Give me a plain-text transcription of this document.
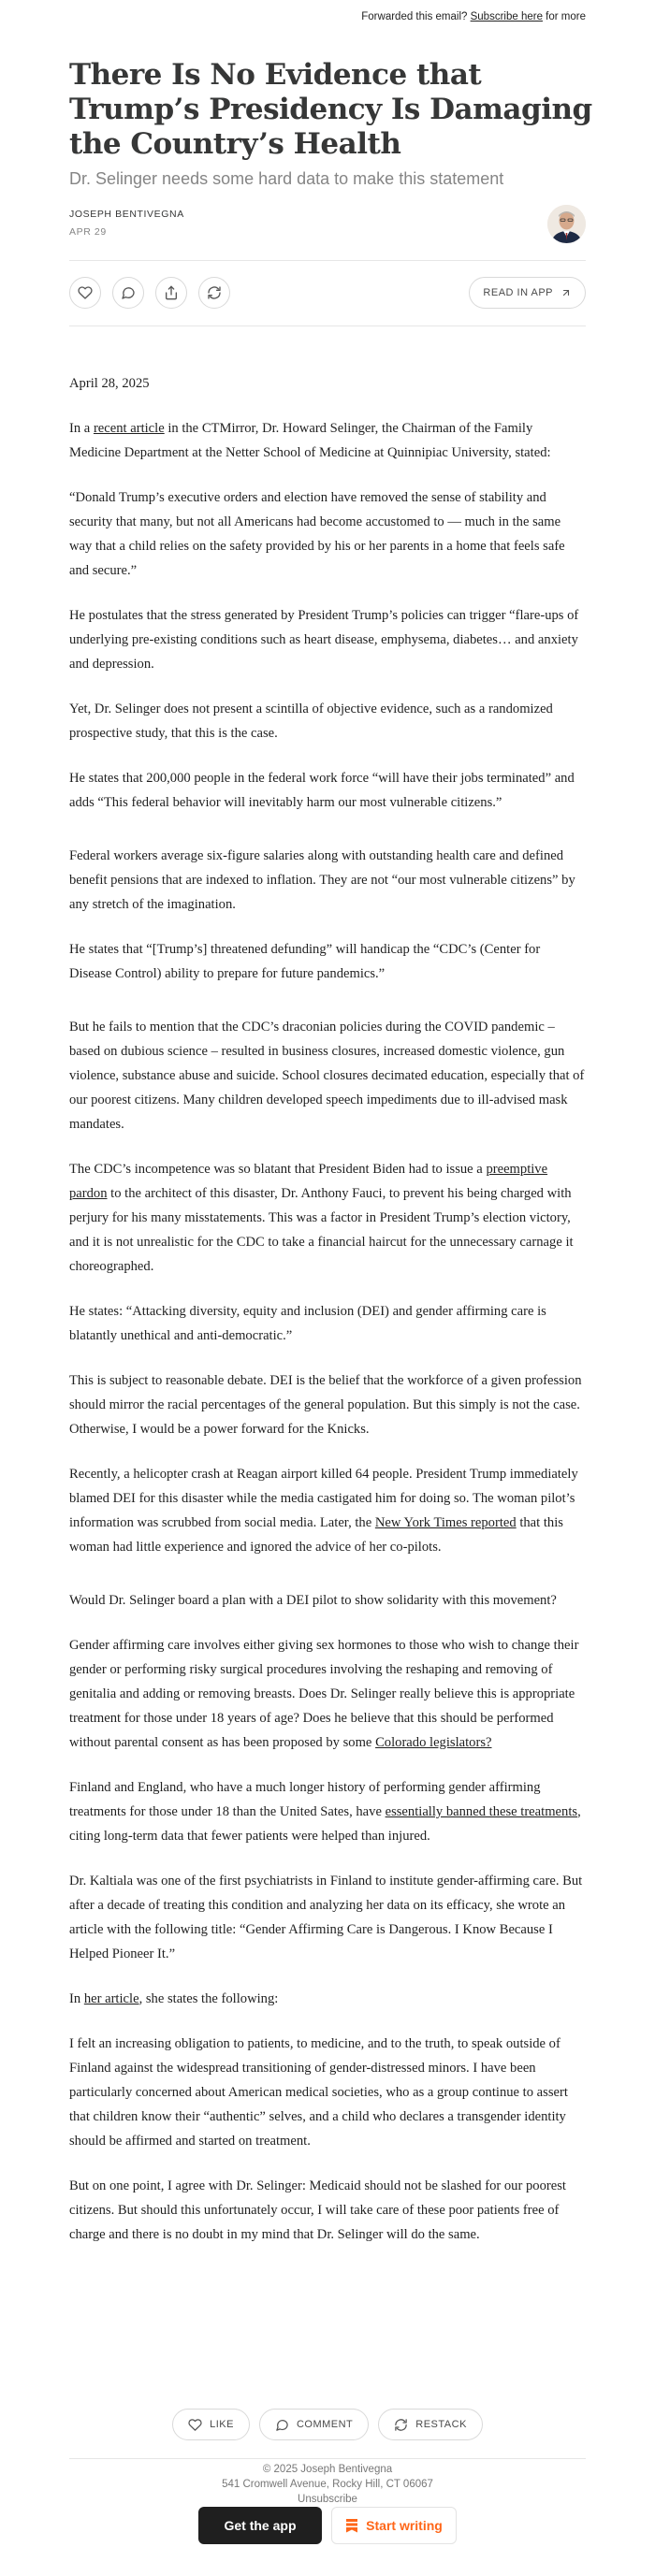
Forwarded this email? Subscribe here for more
There Is No Evidence that Trump’s Presidency Is Damaging the Country’s Health
Dr. Selinger needs some hard data to make this statement
JOSEPH BENTIVEGNA
APR 29
READ IN APP

April 28, 2025

In a recent article in the CTMirror, Dr. Howard Selinger, the Chairman of the Family Medicine Department at the Netter School of Medicine at Quinnipiac University, stated:

“Donald Trump’s executive orders and election have removed the sense of stability and security that many, but not all Americans had become accustomed to — much in the same way that a child relies on the safety provided by his or her parents in a home that feels safe and secure.”

He postulates that the stress generated by President Trump’s policies can trigger “flare-ups of underlying pre-existing conditions such as heart disease, emphysema, diabetes… and anxiety and depression.

Yet, Dr. Selinger does not present a scintilla of objective evidence, such as a randomized prospective study, that this is the case.

He states that 200,000 people in the federal work force “will have their jobs terminated” and adds “This federal behavior will inevitably harm our most vulnerable citizens.”

Federal workers average six-figure salaries along with outstanding health care and defined benefit pensions that are indexed to inflation. They are not “our most vulnerable citizens” by any stretch of the imagination.

He states that “[Trump’s] threatened defunding” will handicap the “CDC’s (Center for Disease Control) ability to prepare for future pandemics.”

But he fails to mention that the CDC’s draconian policies during the COVID pandemic – based on dubious science – resulted in business closures, increased domestic violence, gun violence, substance abuse and suicide. School closures decimated education, especially that of our poorest citizens. Many children developed speech impediments due to ill-advised mask mandates.

The CDC’s incompetence was so blatant that President Biden had to issue a preemptive pardon to the architect of this disaster, Dr. Anthony Fauci, to prevent his being charged with perjury for his many misstatements. This was a factor in President Trump’s election victory, and it is not unrealistic for the CDC to take a financial haircut for the unnecessary carnage it choreographed.

He states: “Attacking diversity, equity and inclusion (DEI) and gender affirming care is blatantly unethical and anti-democratic.”

This is subject to reasonable debate. DEI is the belief that the workforce of a given profession should mirror the racial percentages of the general population. But this simply is not the case. Otherwise, I would be a power forward for the Knicks.

Recently, a helicopter crash at Reagan airport killed 64 people. President Trump immediately blamed DEI for this disaster while the media castigated him for doing so. The woman pilot’s information was scrubbed from social media. Later, the New York Times reported that this woman had little experience and ignored the advice of her co-pilots.

Would Dr. Selinger board a plan with a DEI pilot to show solidarity with this movement?

Gender affirming care involves either giving sex hormones to those who wish to change their gender or performing risky surgical procedures involving the reshaping and removing of genitalia and adding or removing breasts. Does Dr. Selinger really believe this is appropriate treatment for those under 18 years of age? Does he believe that this should be performed without parental consent as has been proposed by some Colorado legislators?

Finland and England, who have a much longer history of performing gender affirming treatments for those under 18 than the United Sates, have essentially banned these treatments, citing long-term data that fewer patients were helped than injured.

Dr. Kaltiala was one of the first psychiatrists in Finland to institute gender-affirming care. But after a decade of treating this condition and analyzing her data on its efficacy, she wrote an article with the following title: “Gender Affirming Care is Dangerous. I Know Because I Helped Pioneer It.”

In her article, she states the following:

I felt an increasing obligation to patients, to medicine, and to the truth, to speak outside of Finland against the widespread transitioning of gender-distressed minors. I have been particularly concerned about American medical societies, who as a group continue to assert that children know their “authentic” selves, and a child who declares a transgender identity should be affirmed and started on treatment.

But on one point, I agree with Dr. Selinger: Medicaid should not be slashed for our poorest citizens. But should this unfortunately occur, I will take care of these poor patients free of charge and there is no doubt in my mind that Dr. Selinger will do the same.

LIKE	COMMENT	RESTACK
© 2025 Joseph Bentivegna
541 Cromwell Avenue, Rocky Hill, CT 06067
Unsubscribe
Get the app	Start writing
